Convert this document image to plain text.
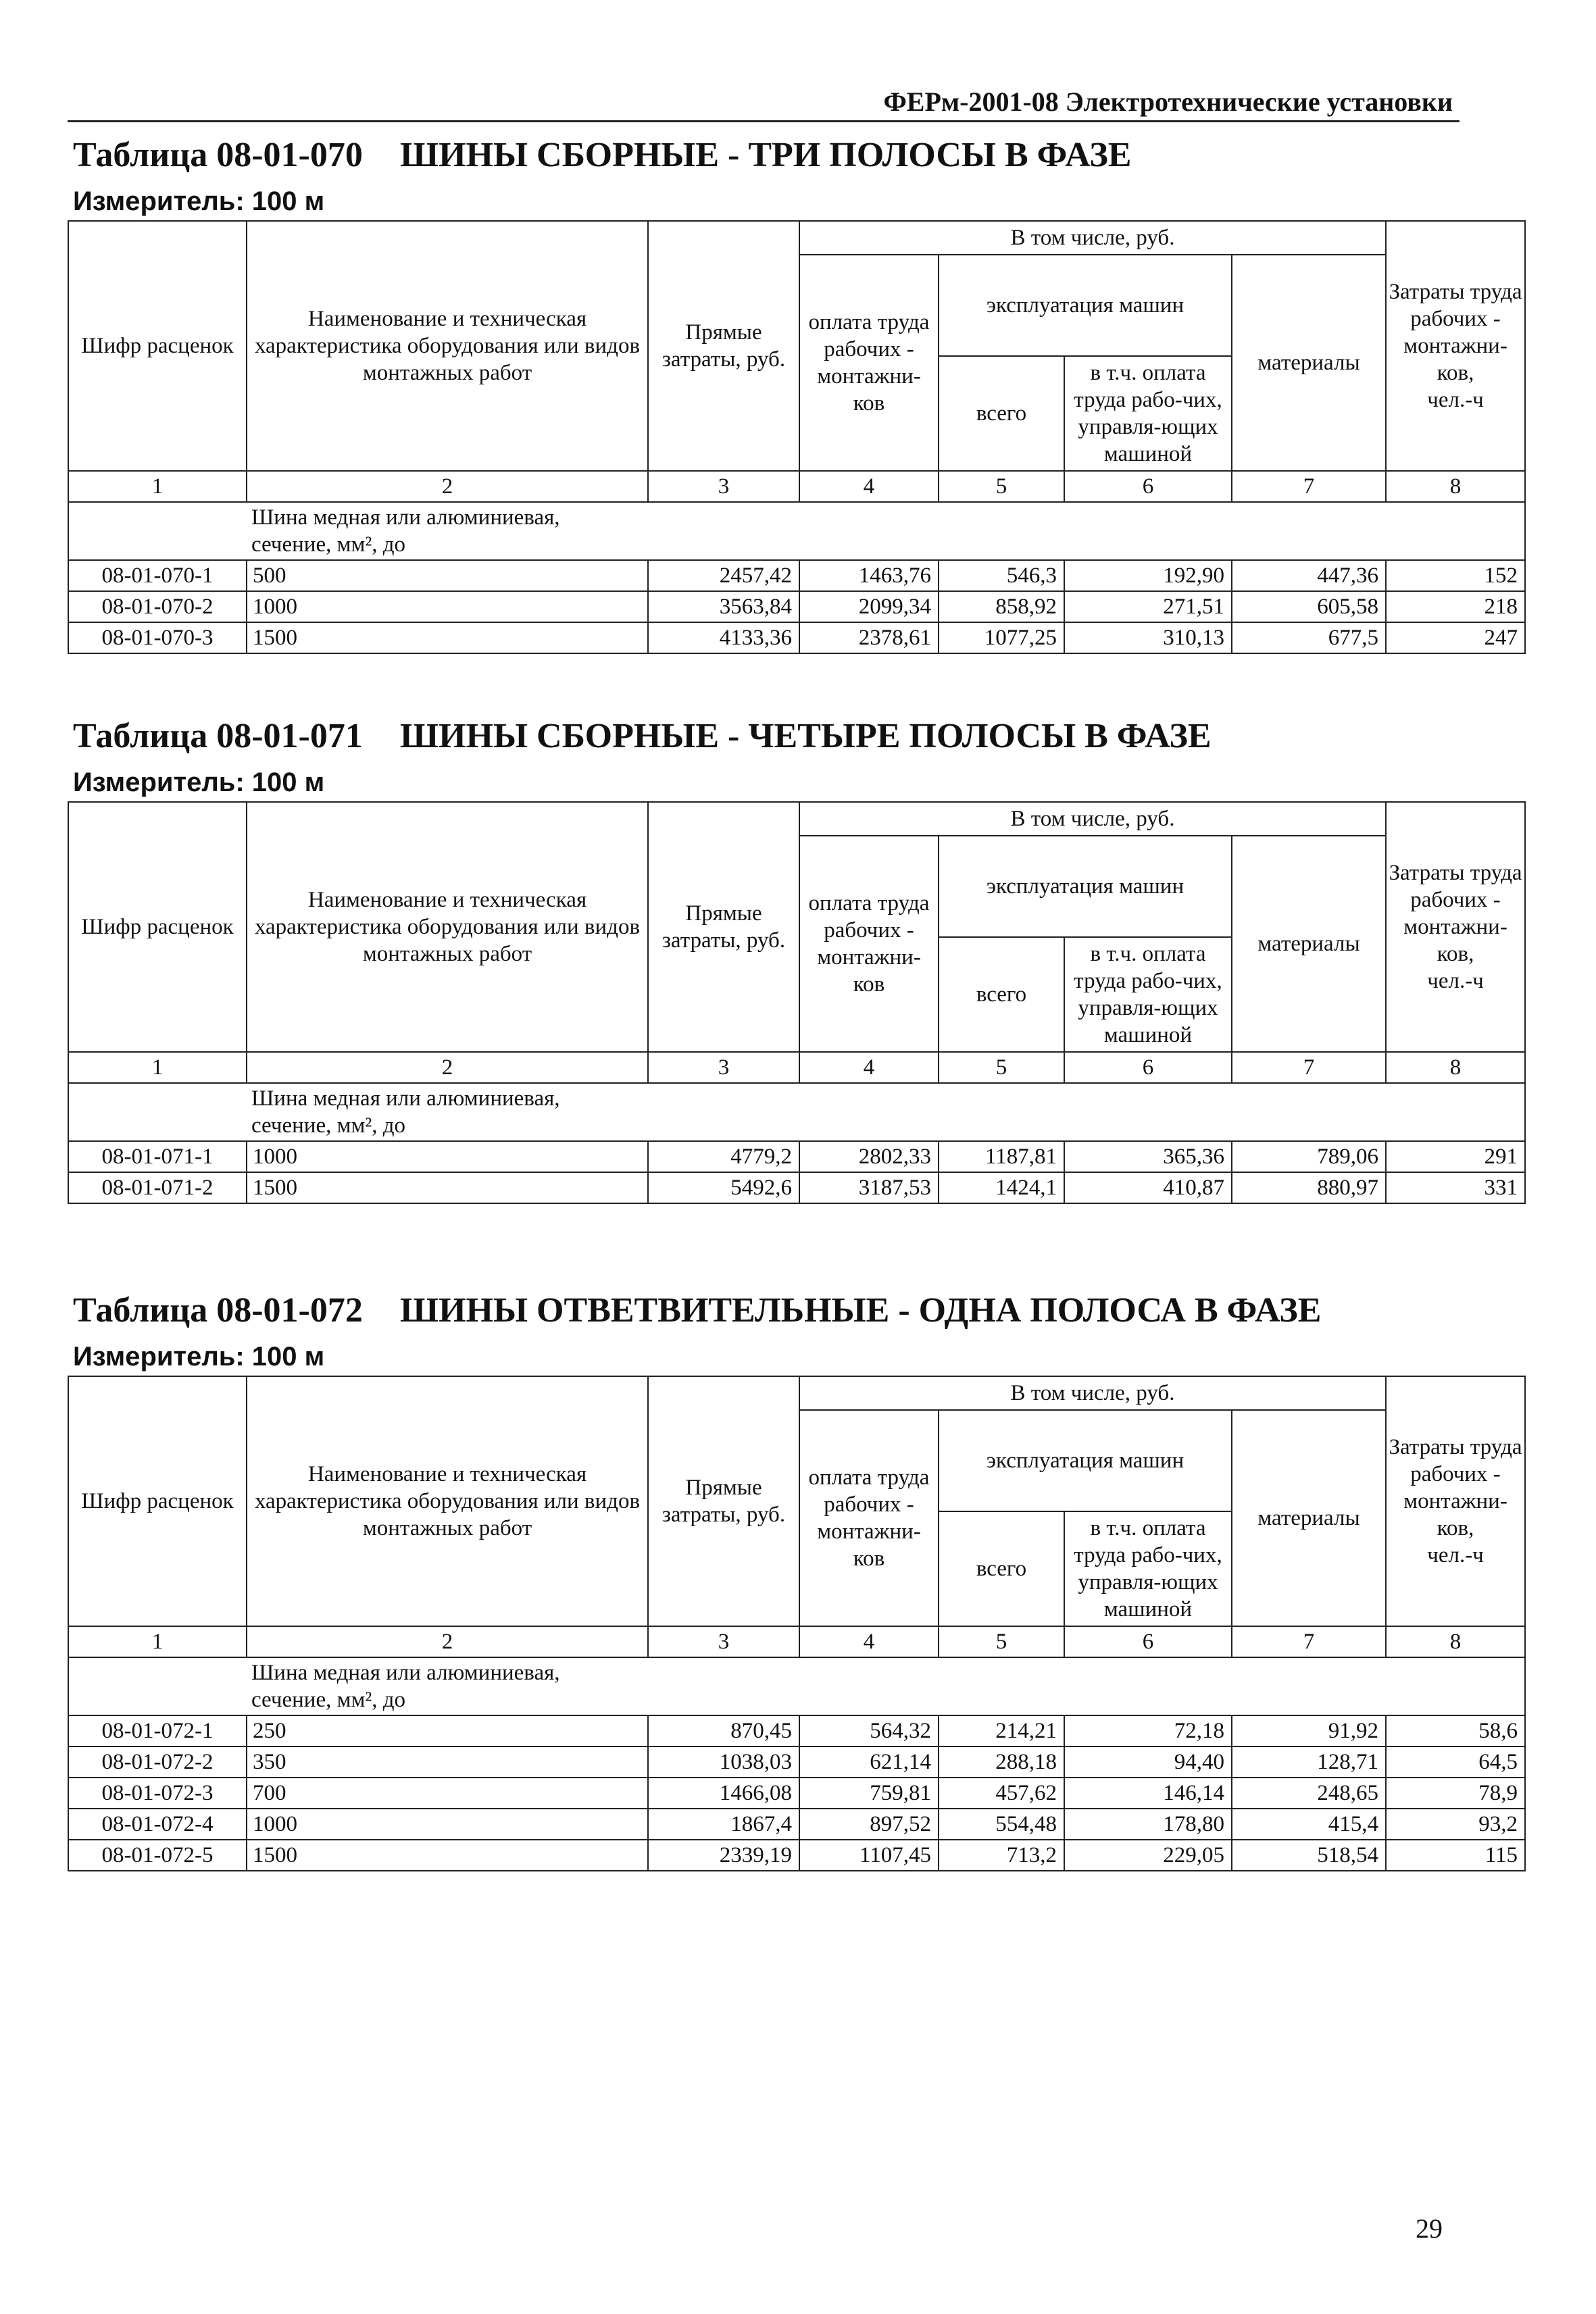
ФЕРм-2001-08 Электротехнические установки
Таблица 08-01-070 ШИНЫ СБОРНЫЕ - ТРИ ПОЛОСЫ В ФАЗЕ
Измеритель: 100 м
Шифр расценок	Наименование и техническая характеристика оборудования или видов монтажных работ	Прямые затраты, руб.	В том числе, руб.				Затраты труда рабочих - монтажни-ков,
чел.-ч

			оплата труда рабочих - монтажни-ков	эксплуатация машин		материалы	
				всего	в т.ч. оплата труда рабо-чих, управля-ющих машиной		
1	2	3	4	5	6	7	8

Шина медная или алюминиевая,
сечение, мм², до							

08-01-070-1	500	2457,42	1463,76	546,3	192,90	447,36	152
08-01-070-2	1000	3563,84	2099,34	858,92	271,51	605,58	218
08-01-070-3	1500	4133,36	2378,61	1077,25	310,13	677,5	247
Таблица 08-01-071 ШИНЫ СБОРНЫЕ - ЧЕТЫРЕ ПОЛОСЫ В ФАЗЕ
Измеритель: 100 м
Шифр расценок	Наименование и техническая характеристика оборудования или видов монтажных работ	Прямые затраты, руб.	В том числе, руб.				Затраты труда рабочих - монтажни-ков,
чел.-ч

			оплата труда рабочих - монтажни-ков	эксплуатация машин		материалы	
				всего	в т.ч. оплата труда рабо-чих, управля-ющих машиной		
1	2	3	4	5	6	7	8

Шина медная или алюминиевая,
сечение, мм², до							

08-01-071-1	1000	4779,2	2802,33	1187,81	365,36	789,06	291
08-01-071-2	1500	5492,6	3187,53	1424,1	410,87	880,97	331
Таблица 08-01-072 ШИНЫ ОТВЕТВИТЕЛЬНЫЕ - ОДНА ПОЛОСА В ФАЗЕ
Измеритель: 100 м
Шифр расценок	Наименование и техническая характеристика оборудования или видов монтажных работ	Прямые затраты, руб.	В том числе, руб.				Затраты труда рабочих - монтажни-ков,
чел.-ч

			оплата труда рабочих - монтажни-ков	эксплуатация машин		материалы	
				всего	в т.ч. оплата труда рабо-чих, управля-ющих машиной		
1	2	3	4	5	6	7	8

Шина медная или алюминиевая,
сечение, мм², до							

08-01-072-1	250	870,45	564,32	214,21	72,18	91,92	58,6
08-01-072-2	350	1038,03	621,14	288,18	94,40	128,71	64,5
08-01-072-3	700	1466,08	759,81	457,62	146,14	248,65	78,9
08-01-072-4	1000	1867,4	897,52	554,48	178,80	415,4	93,2
08-01-072-5	1500	2339,19	1107,45	713,2	229,05	518,54	115
29
